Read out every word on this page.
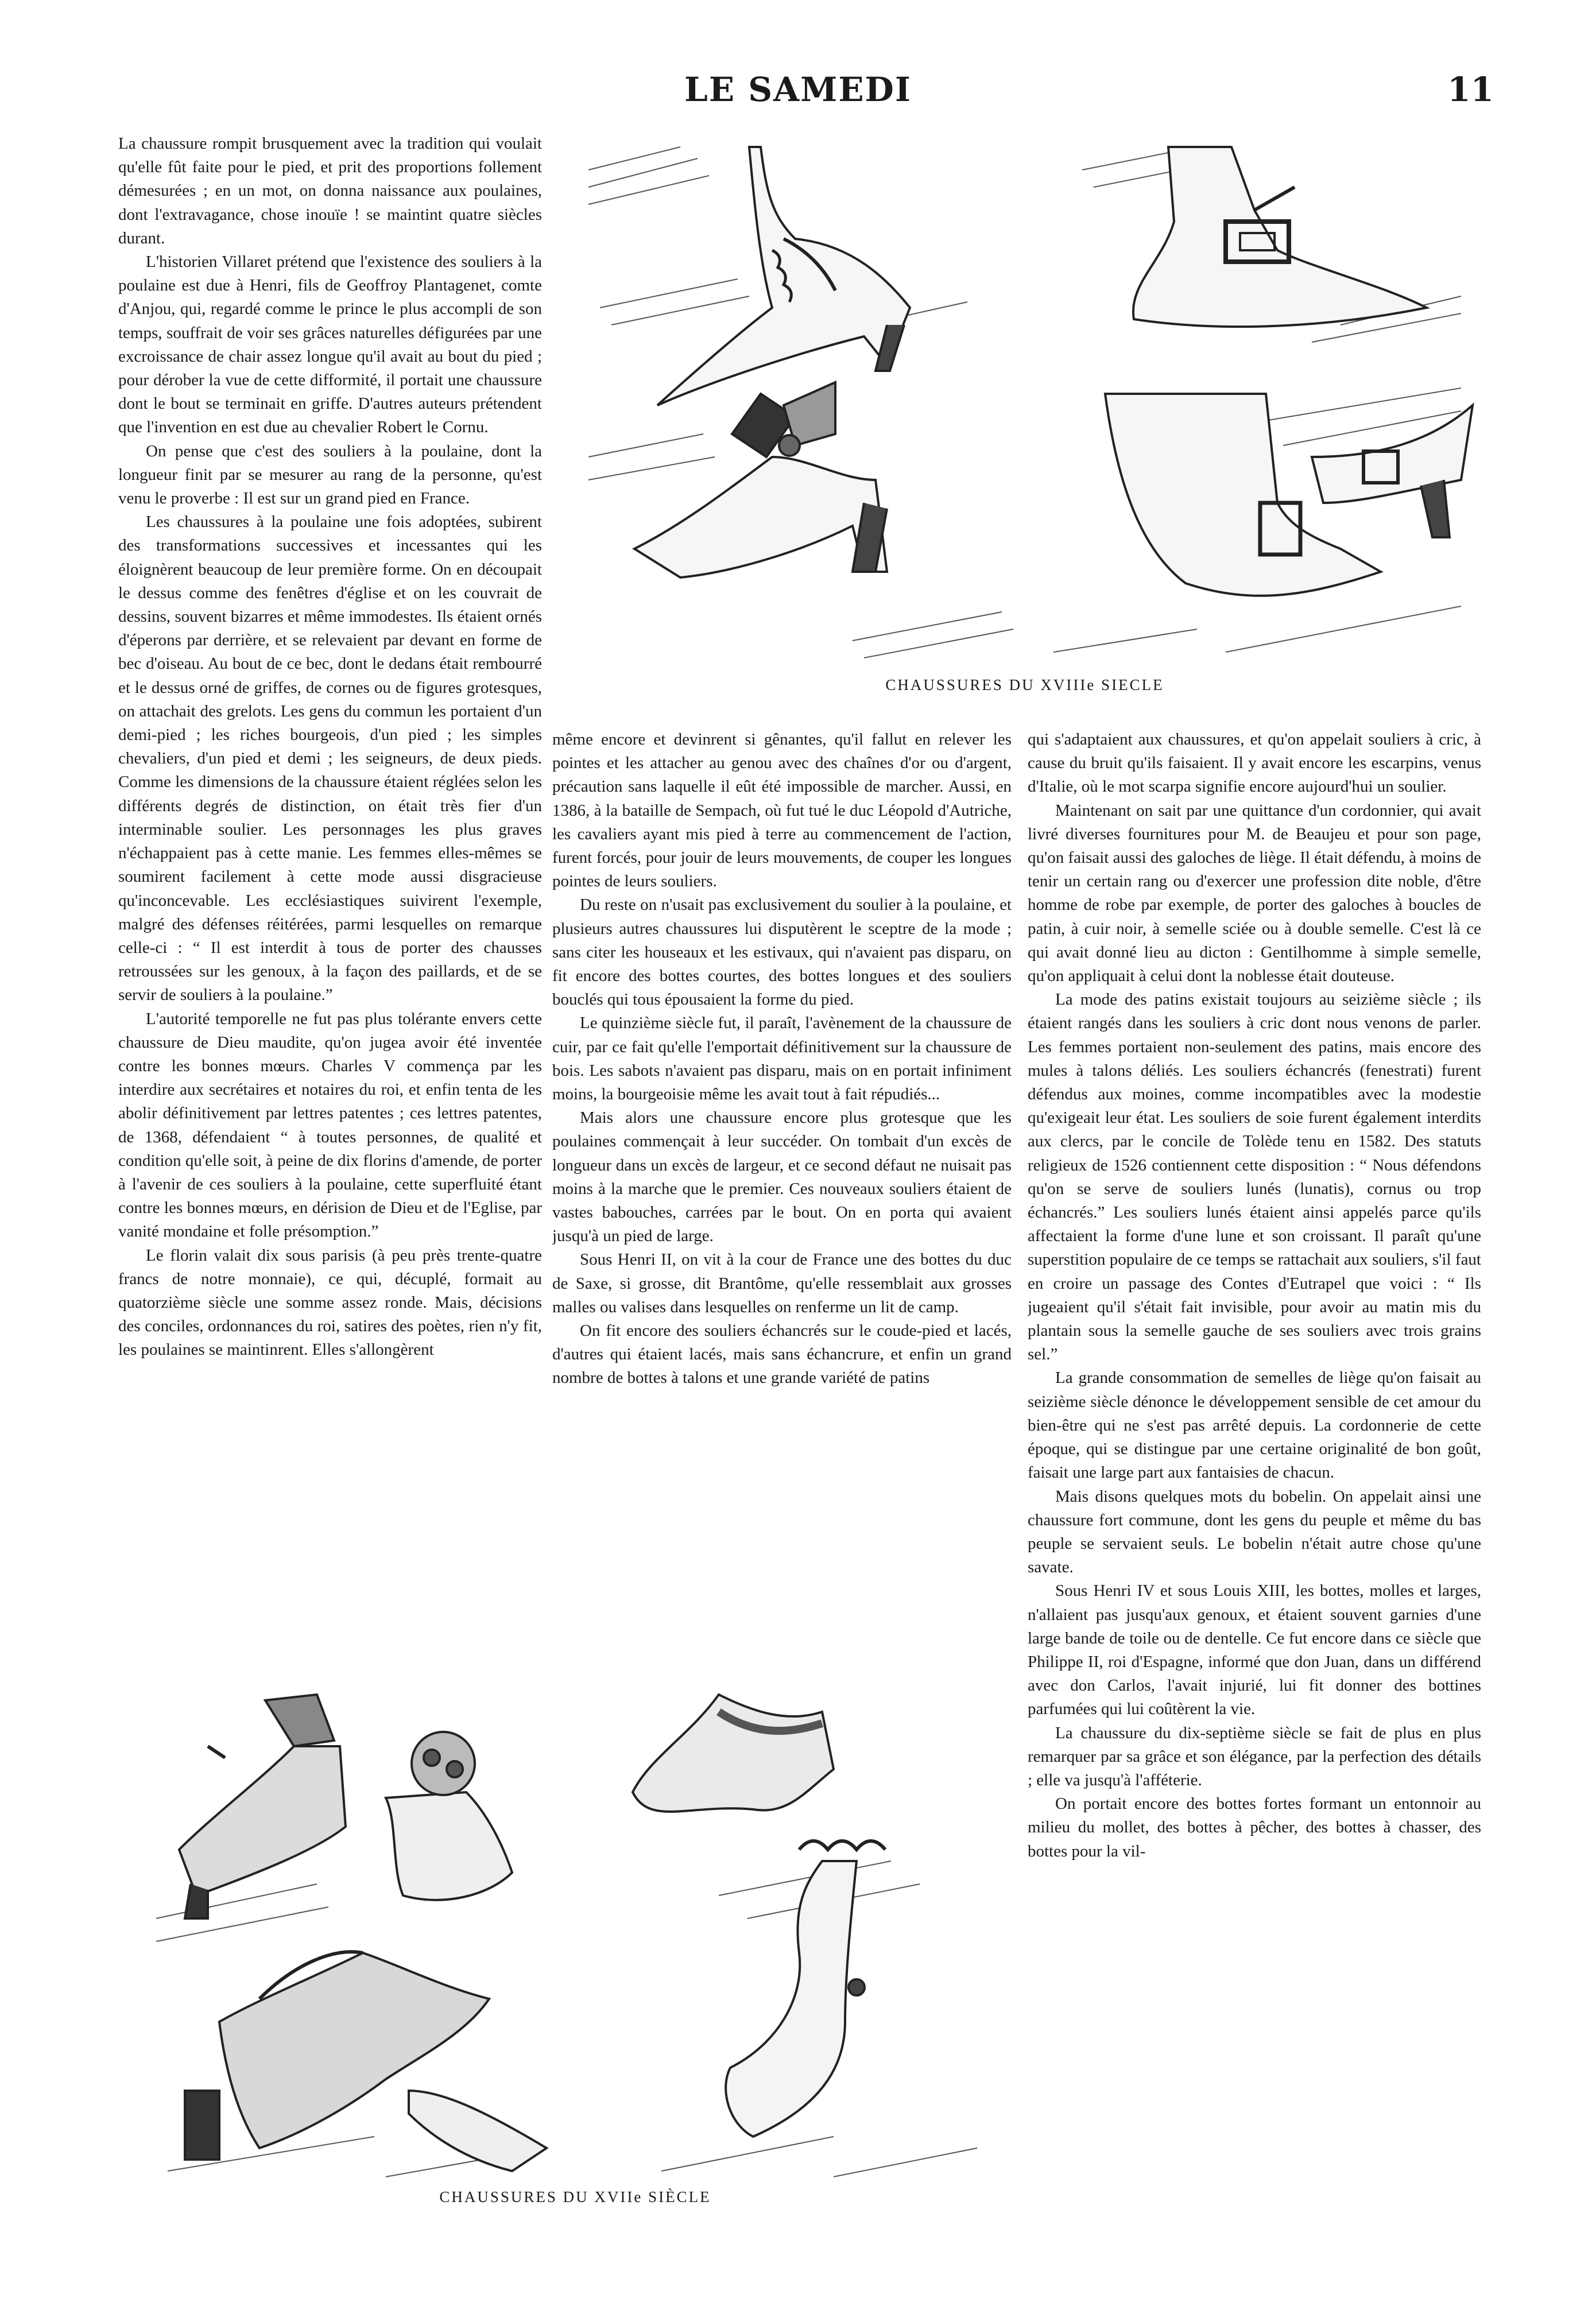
LE SAMEDI	11

La chaussure rompit brusquement avec la tradition qui voulait qu'elle fût faite pour le pied, et prit des proportions follement démesurées ; en un mot, on donna naissance aux poulaines, dont l'extravagance, chose inouïe ! se maintint quatre siècles durant.

L'historien Villaret prétend que l'existence des souliers à la poulaine est due à Henri, fils de Geoffroy Plantagenet, comte d'Anjou, qui, regardé comme le prince le plus accompli de son temps, souffrait de voir ses grâces naturelles défigurées par une excroissance de chair assez longue qu'il avait au bout du pied ; pour dérober la vue de cette difformité, il portait une chaussure dont le bout se terminait en griffe. D'autres auteurs prétendent que l'invention en est due au chevalier Robert le Cornu.

On pense que c'est des souliers à la poulaine, dont la longueur finit par se mesurer au rang de la personne, qu'est venu le proverbe : Il est sur un grand pied en France.

Les chaussures à la poulaine une fois adoptées, subirent des transformations successives et incessantes qui les éloignèrent beaucoup de leur première forme. On en découpait le dessus comme des fenêtres d'église et on les couvrait de dessins, souvent bizarres et même immodestes. Ils étaient ornés d'éperons par derrière, et se relevaient par devant en forme de bec d'oiseau. Au bout de ce bec, dont le dedans était rembourré et le dessus orné de griffes, de cornes ou de figures grotesques, on attachait des grelots. Les gens du commun les portaient d'un demi-pied ; les riches bourgeois, d'un pied ; les simples chevaliers, d'un pied et demi ; les seigneurs, de deux pieds. Comme les dimensions de la chaussure étaient réglées selon les différents degrés de distinction, on était très fier d'un interminable soulier. Les personnages les plus graves n'échappaient pas à cette manie. Les femmes elles-mêmes se soumirent facilement à cette mode aussi disgracieuse qu'inconcevable. Les ecclésiastiques suivirent l'exemple, malgré des défenses réitérées, parmi lesquelles on remarque celle-ci : “ Il est interdit à tous de porter des chausses retroussées sur les genoux, à la façon des paillards, et de se servir de souliers à la poulaine.”

L'autorité temporelle ne fut pas plus tolérante envers cette chaussure de Dieu maudite, qu'on jugea avoir été inventée contre les bonnes mœurs. Charles V commença par les interdire aux secrétaires et notaires du roi, et enfin tenta de les abolir définitivement par lettres patentes ; ces lettres patentes, de 1368, défendaient “ à toutes personnes, de qualité et condition qu'elle soit, à peine de dix florins d'amende, de porter à l'avenir de ces souliers à la poulaine, cette superfluité étant contre les bonnes mœurs, en dérision de Dieu et de l'Eglise, par vanité mondaine et folle présomption.”

Le florin valait dix sous parisis (à peu près trente-quatre francs de notre monnaie), ce qui, décuplé, formait au quatorzième siècle une somme assez ronde. Mais, décisions des conciles, ordonnances du roi, satires des poètes, rien n'y fit, les poulaines se maintinrent. Elles s'allongèrent

CHAUSSURES DU XVIIIe SIECLE

même encore et devinrent si gênantes, qu'il fallut en relever les pointes et les attacher au genou avec des chaînes d'or ou d'argent, précaution sans laquelle il eût été impossible de marcher. Aussi, en 1386, à la bataille de Sempach, où fut tué le duc Léopold d'Autriche, les cavaliers ayant mis pied à terre au commencement de l'action, furent forcés, pour jouir de leurs mouvements, de couper les longues pointes de leurs souliers.

Du reste on n'usait pas exclusivement du soulier à la poulaine, et plusieurs autres chaussures lui disputèrent le sceptre de la mode ; sans citer les houseaux et les estivaux, qui n'avaient pas disparu, on fit encore des bottes courtes, des bottes longues et des souliers bouclés qui tous épousaient la forme du pied.

Le quinzième siècle fut, il paraît, l'avènement de la chaussure de cuir, par ce fait qu'elle l'emportait définitivement sur la chaussure de bois. Les sabots n'avaient pas disparu, mais on en portait infiniment moins, la bourgeoisie même les avait tout à fait répudiés...

Mais alors une chaussure encore plus grotesque que les poulaines commençait à leur succéder. On tombait d'un excès de longueur dans un excès de largeur, et ce second défaut ne nuisait pas moins à la marche que le premier. Ces nouveaux souliers étaient de vastes babouches, carrées par le bout. On en porta qui avaient jusqu'à un pied de large.

Sous Henri II, on vit à la cour de France une des bottes du duc de Saxe, si grosse, dit Brantôme, qu'elle ressemblait aux grosses malles ou valises dans lesquelles on renferme un lit de camp.

On fit encore des souliers échancrés sur le coude-pied et lacés, d'autres qui étaient lacés, mais sans échancrure, et enfin un grand nombre de bottes à talons et une grande variété de patins

qui s'adaptaient aux chaussures, et qu'on appelait souliers à cric, à cause du bruit qu'ils faisaient. Il y avait encore les escarpins, venus d'Italie, où le mot scarpa signifie encore aujourd'hui un soulier.

Maintenant on sait par une quittance d'un cordonnier, qui avait livré diverses fournitures pour M. de Beaujeu et pour son page, qu'on faisait aussi des galoches de liège. Il était défendu, à moins de tenir un certain rang ou d'exercer une profession dite noble, d'être homme de robe par exemple, de porter des galoches à boucles de patin, à cuir noir, à semelle sciée ou à double semelle. C'est là ce qui avait donné lieu au dicton : Gentilhomme à simple semelle, qu'on appliquait à celui dont la noblesse était douteuse.

La mode des patins existait toujours au seizième siècle ; ils étaient rangés dans les souliers à cric dont nous venons de parler. Les femmes portaient non-seulement des patins, mais encore des mules à talons déliés. Les souliers échancrés (fenestrati) furent défendus aux moines, comme incompatibles avec la modestie qu'exigeait leur état. Les souliers de soie furent également interdits aux clercs, par le concile de Tolède tenu en 1582. Des statuts religieux de 1526 contiennent cette disposition : “ Nous défendons qu'on se serve de souliers lunés (lunatis), cornus ou trop échancrés.” Les souliers lunés étaient ainsi appelés parce qu'ils affectaient la forme d'une lune et son croissant. Il paraît qu'une superstition populaire de ce temps se rattachait aux souliers, s'il faut en croire un passage des Contes d'Eutrapel que voici : “ Ils jugeaient qu'il s'était fait invisible, pour avoir au matin mis du plantain sous la semelle gauche de ses souliers avec trois grains sel.”

La grande consommation de semelles de liège qu'on faisait au seizième siècle dénonce le développement sensible de cet amour du bien-être qui ne s'est pas arrêté depuis. La cordonnerie de cette époque, qui se distingue par une certaine originalité de bon goût, faisait une large part aux fantaisies de chacun.

Mais disons quelques mots du bobelin. On appelait ainsi une chaussure fort commune, dont les gens du peuple et même du bas peuple se servaient seuls. Le bobelin n'était autre chose qu'une savate.

Sous Henri IV et sous Louis XIII, les bottes, molles et larges, n'allaient pas jusqu'aux genoux, et étaient souvent garnies d'une large bande de toile ou de dentelle. Ce fut encore dans ce siècle que Philippe II, roi d'Espagne, informé que don Juan, dans un différend avec don Carlos, l'avait injurié, lui fit donner des bottines parfumées qui lui coûtèrent la vie.

La chaussure du dix-septième siècle se fait de plus en plus remarquer par sa grâce et son élégance, par la perfection des détails ; elle va jusqu'à l'afféterie.

On portait encore des bottes fortes formant un entonnoir au milieu du mollet, des bottes à pêcher, des bottes à chasser, des bottes pour la vil-

CHAUSSURES DU XVIIe SIÈCLE
